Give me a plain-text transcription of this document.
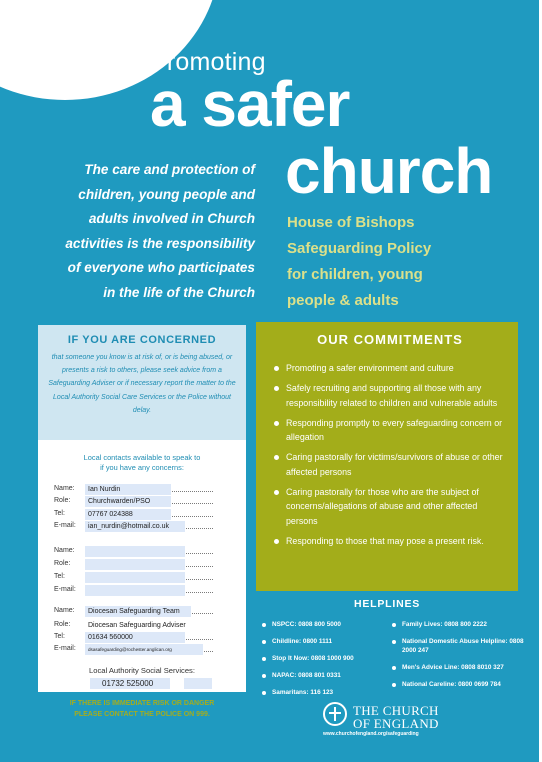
Promoting
a safer
church
The care and protection of
children, young people and
adults involved in Church
activities is the responsibility
of everyone who participates
in the life of the Church
House of Bishops
Safeguarding Policy
for children, young
people & adults
IF YOU ARE CONCERNED
that someone you know is at risk of, or is being abused, or presents a risk to others, please seek advice from a Safeguarding Adviser or if necessary report the matter to the Local Authority Social Care Services or the Police without delay.
Local contacts available to speak to
if you have any concerns:
Name:	Ian Nurdin
Role:	Churchwarden/PSO
Tel:	07767 024388
E-mail:	ian_nurdin@hotmail.co.uk
Name:
Role:
Tel:
E-mail:
Name:	Diocesan Safeguarding Team
Role:	Diocesan Safeguarding Adviser
Tel:	01634 560000
E-mail:	dsasafeguarding@rochester.anglican.org
Local Authority Social Services:
01732 525000
IF THERE IS IMMEDIATE RISK OR DANGER
PLEASE CONTACT THE POLICE ON 999.
OUR COMMITMENTS
Promoting a safer environment and culture
Safely recruiting and supporting all those with any responsibility related to children and vulnerable adults
Responding promptly to every safeguarding concern or allegation
Caring pastorally for victims/survivors of abuse or other affected persons
Caring pastorally for those who are the subject of concerns/allegations of abuse and other affected persons
Responding to those that may pose a present risk.
HELPLINES
NSPCC: 0808 800 5000
Childline: 0800 1111
Stop It Now: 0808 1000 900
NAPAC: 0808 801 0331
Samaritans: 116 123
Family Lives: 0808 800 2222
National Domestic Abuse Helpline: 0808 2000 247
Men's Advice Line: 0808 8010 327
National Careline: 0800 0699 784
THE CHURCH
OF ENGLAND
www.churchofengland.org/safeguarding
